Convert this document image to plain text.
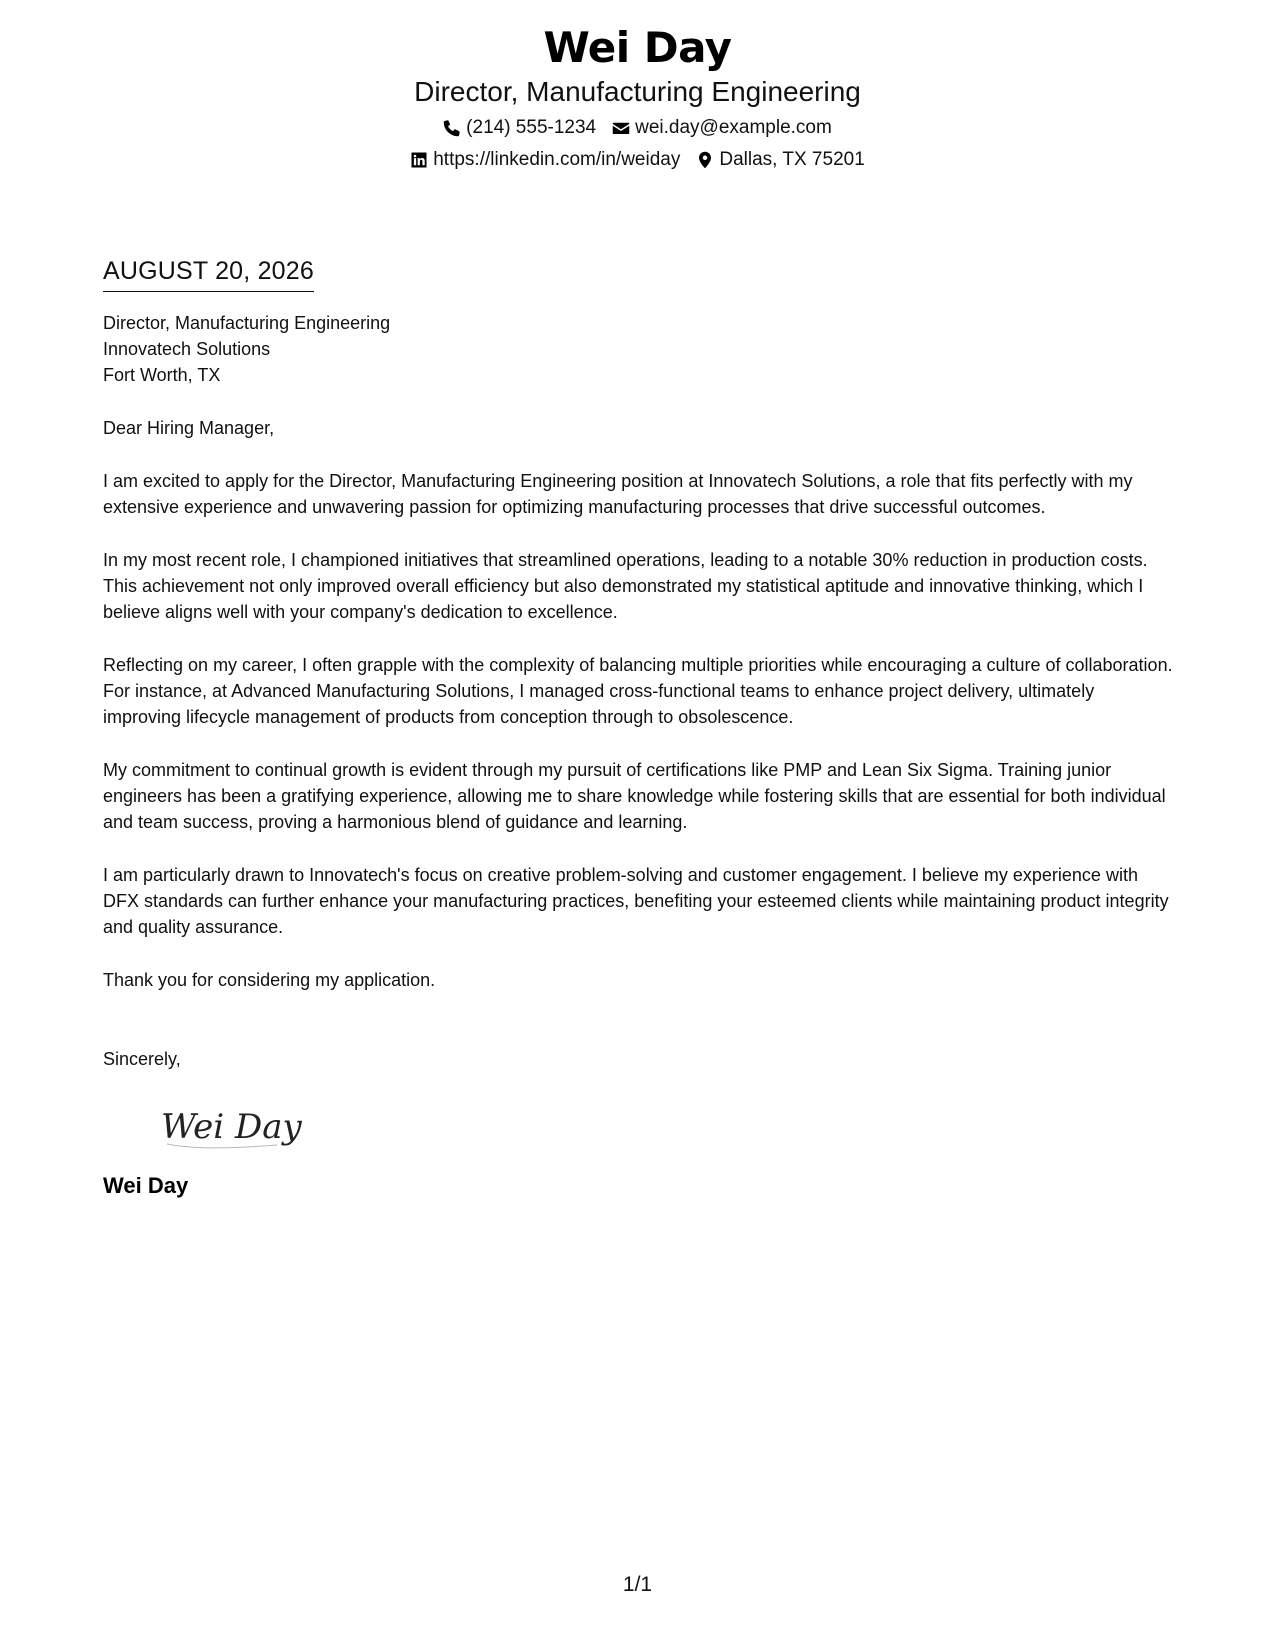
Wei Day
Director, Manufacturing Engineering
(214) 555-1234 wei.day@example.com
https://linkedin.com/in/weiday Dallas, TX 75201
AUGUST 20, 2026
Director, Manufacturing Engineering
Innovatech Solutions
Fort Worth, TX
Dear Hiring Manager,
I am excited to apply for the Director, Manufacturing Engineering position at Innovatech Solutions, a role that fits perfectly with my extensive experience and unwavering passion for optimizing manufacturing processes that drive successful outcomes.
In my most recent role, I championed initiatives that streamlined operations, leading to a notable 30% reduction in production costs. This achievement not only improved overall efficiency but also demonstrated my statistical aptitude and innovative thinking, which I believe aligns well with your company's dedication to excellence.
Reflecting on my career, I often grapple with the complexity of balancing multiple priorities while encouraging a culture of collaboration. For instance, at Advanced Manufacturing Solutions, I managed cross-functional teams to enhance project delivery, ultimately improving lifecycle management of products from conception through to obsolescence.
My commitment to continual growth is evident through my pursuit of certifications like PMP and Lean Six Sigma. Training junior engineers has been a gratifying experience, allowing me to share knowledge while fostering skills that are essential for both individual and team success, proving a harmonious blend of guidance and learning.
I am particularly drawn to Innovatech's focus on creative problem-solving and customer engagement. I believe my experience with DFX standards can further enhance your manufacturing practices, benefiting your esteemed clients while maintaining product integrity and quality assurance.
Thank you for considering my application.
Sincerely,
Wei Day
Wei Day
1/1
